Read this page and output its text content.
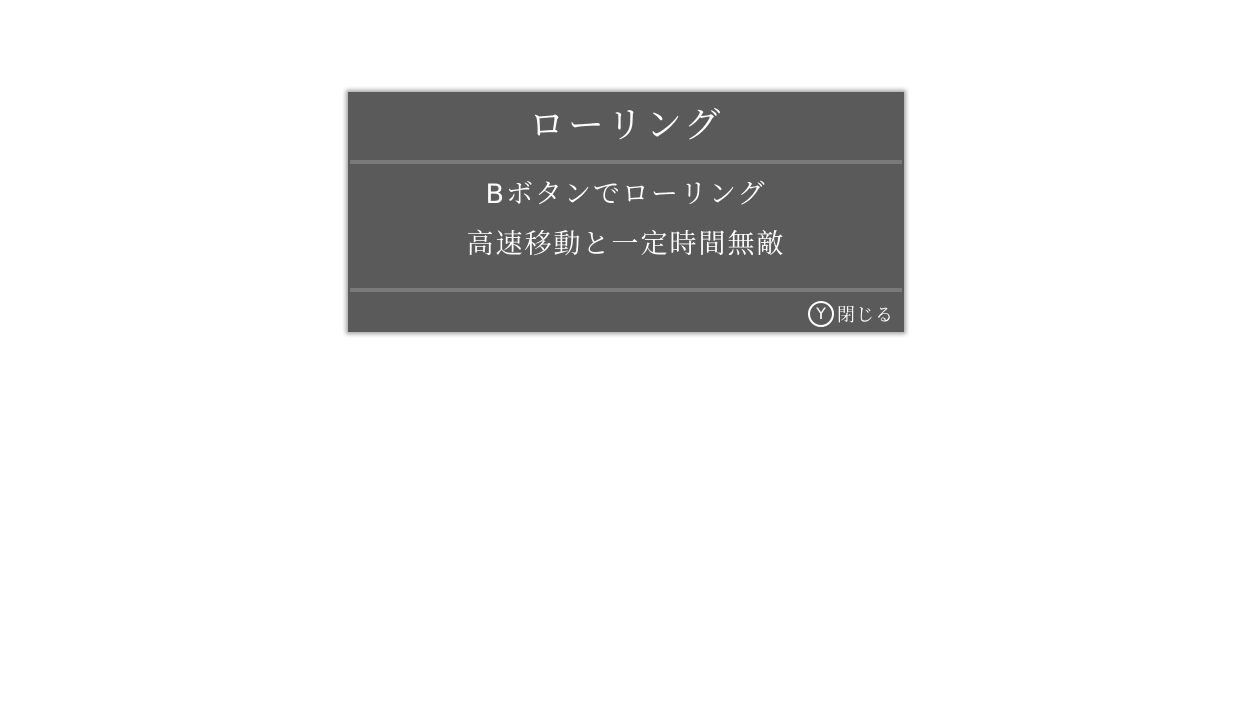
ローリング
Bボタンでローリング
高速移動と一定時間無敵
Y 閉じる
